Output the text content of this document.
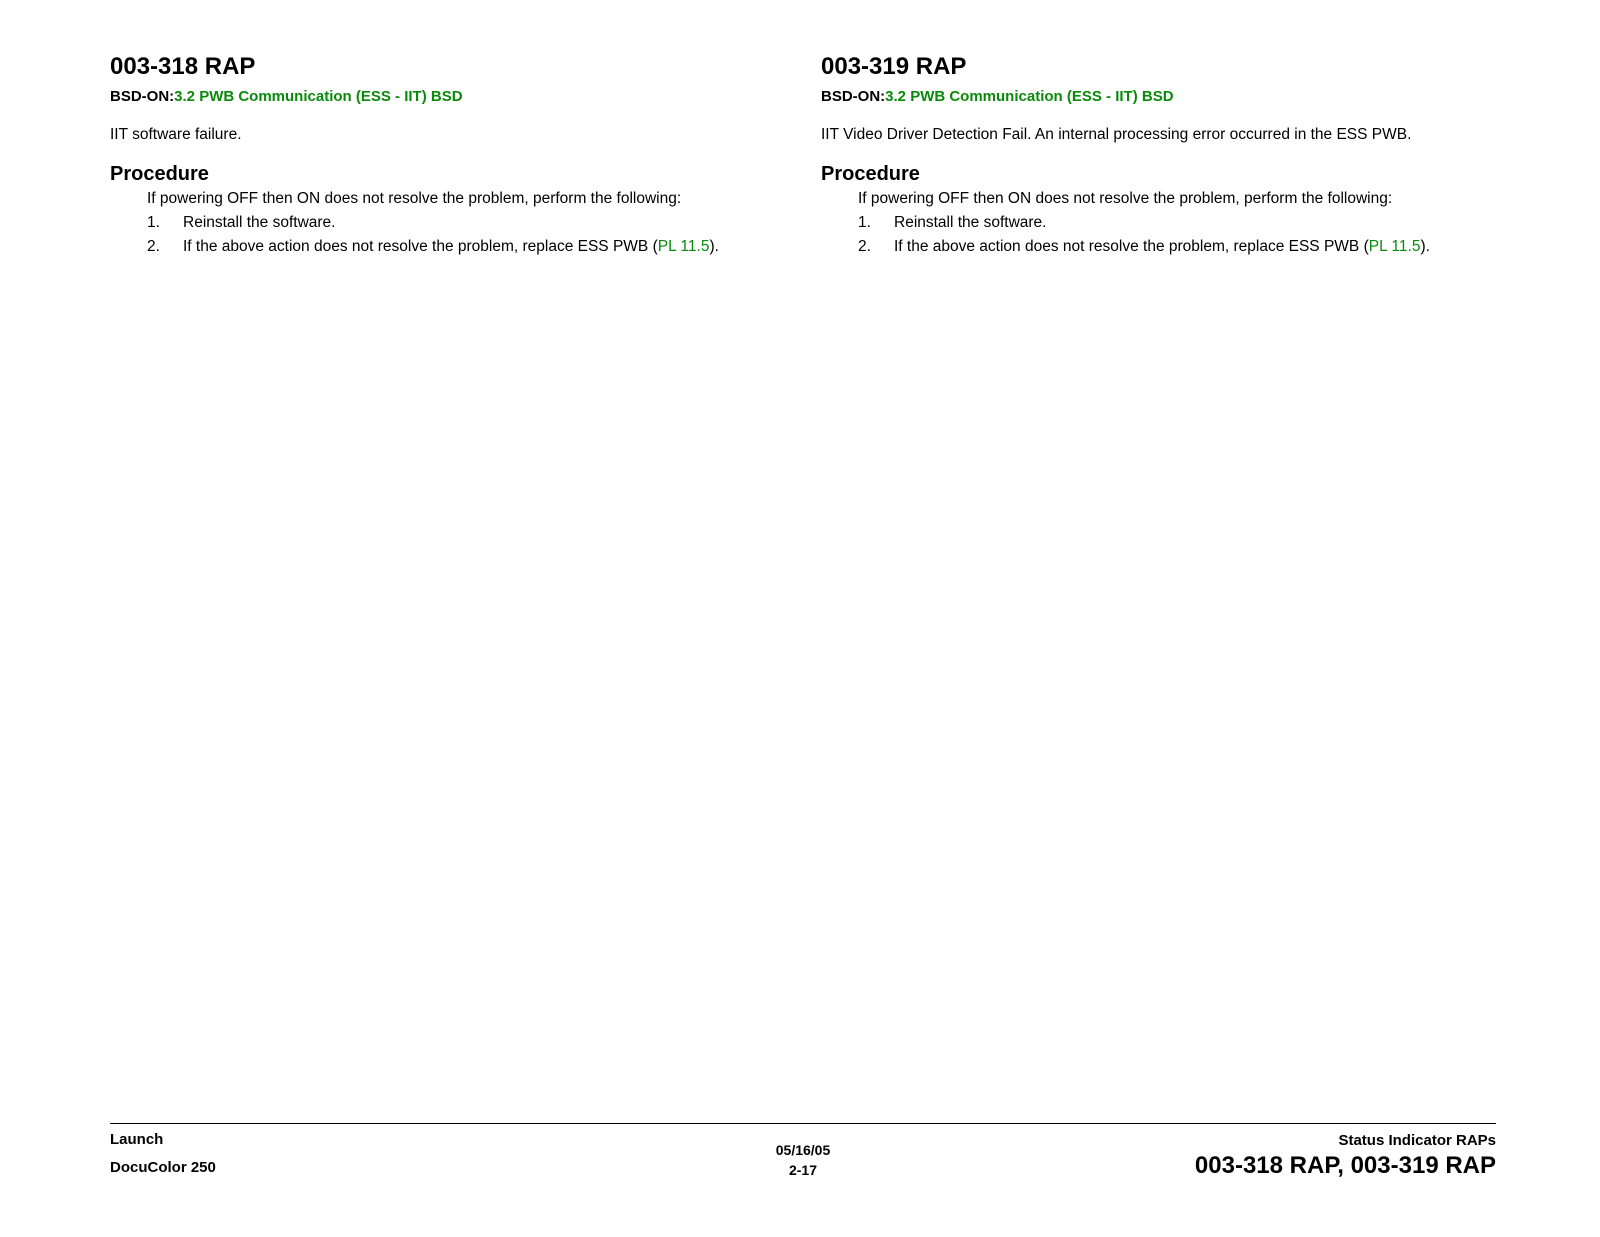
003-318 RAP
BSD-ON:3.2 PWB Communication (ESS - IIT) BSD
IIT software failure.
Procedure
If powering OFF then ON does not resolve the problem, perform the following:
1. Reinstall the software.
2. If the above action does not resolve the problem, replace ESS PWB (PL 11.5).
003-319 RAP
BSD-ON:3.2 PWB Communication (ESS - IIT) BSD
IIT Video Driver Detection Fail. An internal processing error occurred in the ESS PWB.
Procedure
If powering OFF then ON does not resolve the problem, perform the following:
1. Reinstall the software.
2. If the above action does not resolve the problem, replace ESS PWB (PL 11.5).
Launch
DocuColor 250
05/16/05
2-17
Status Indicator RAPs
003-318 RAP, 003-319 RAP
